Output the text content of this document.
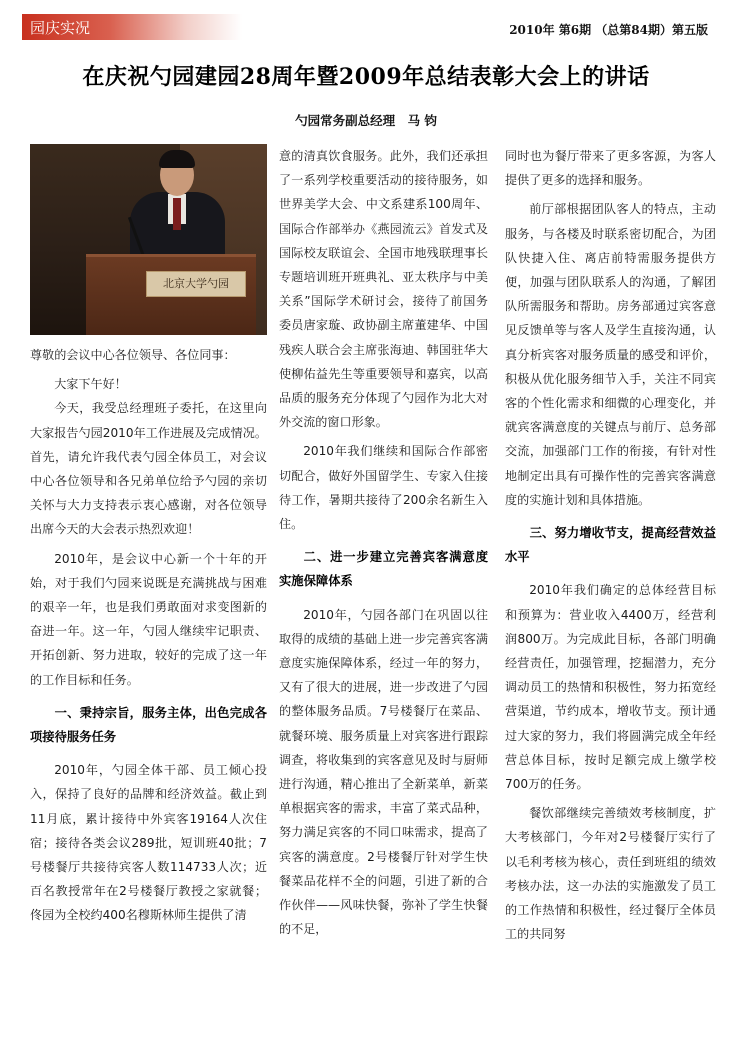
园庆实况	2010年 第6期 （总第84期）第五版
在庆祝勺园建园28周年暨2009年总结表彰大会上的讲话
勺园常务副总经理　马 钧
北京大学勺园

尊敬的会议中心各位领导、各位同事：

大家下午好！

今天，我受总经理班子委托，在这里向大家报告勺园2010年工作进展及完成情况。首先，请允许我代表勺园全体员工，对会议中心各位领导和各兄弟单位给予勺园的亲切关怀与大力支持表示衷心感谢，对各位领导出席今天的大会表示热烈欢迎！

2010年，是会议中心新一个十年的开始，对于我们勺园来说既是充满挑战与困难的艰辛一年，也是我们勇敢面对求变图新的奋进一年。这一年，勺园人继续牢记职责、开拓创新、努力进取，较好的完成了这一年的工作目标和任务。

一、秉持宗旨，服务主体，出色完成各项接待服务任务

2010年，勺园全体干部、员工倾心投入，保持了良好的品牌和经济效益。截止到11月底，累计接待中外宾客19164人次住宿；接待各类会议289批，短训班40批；7号楼餐厅共接待宾客人数114733人次；近百名教授常年在2号楼餐厅教授之家就餐；佟园为全校约400名穆斯林师生提供了清

意的清真饮食服务。此外，我们还承担了一系列学校重要活动的接待服务，如世界美学大会、中文系建系100周年、国际合作部举办《燕园流云》首发式及国际校友联谊会、全国市地残联理事长专题培训班开班典礼、亚太秩序与中美关系”国际学术研讨会，接待了前国务委员唐家璇、政协副主席董建华、中国残疾人联合会主席张海迪、韩国驻华大使柳佑益先生等重要领导和嘉宾，以高品质的服务充分体现了勺园作为北大对外交流的窗口形象。

2010年我们继续和国际合作部密切配合，做好外国留学生、专家入住接待工作，暑期共接待了200余名新生入住。

二、进一步建立完善宾客满意度实施保障体系

2010年，勺园各部门在巩固以往取得的成绩的基础上进一步完善宾客满意度实施保障体系，经过一年的努力，又有了很大的进展，进一步改进了勺园的整体服务品质。7号楼餐厅在菜品、就餐环境、服务质量上对宾客进行跟踪调查，将收集到的宾客意见及时与厨师进行沟通，精心推出了全新菜单，新菜单根据宾客的需求，丰富了菜式品种，努力满足宾客的不同口味需求，提高了宾客的满意度。2号楼餐厅针对学生快餐菜品花样不全的问题，引进了新的合作伙伴——风味快餐，弥补了学生快餐的不足，

同时也为餐厅带来了更多客源，为客人提供了更多的选择和服务。

前厅部根据团队客人的特点，主动服务，与各楼及时联系密切配合，为团队快捷入住、离店前特需服务提供方便，加强与团队联系人的沟通，了解团队所需服务和帮助。房务部通过宾客意见反馈单等与客人及学生直接沟通，认真分析宾客对服务质量的感受和评价，积极从优化服务细节入手，关注不同宾客的个性化需求和细微的心理变化，并就宾客满意度的关键点与前厅、总务部交流，加强部门工作的衔接，有针对性地制定出具有可操作性的完善宾客满意度的实施计划和具体措施。

三、努力增收节支，提高经营效益水平

2010年我们确定的总体经营目标和预算为：营业收入4400万，经营利润800万。为完成此目标，各部门明确经营责任，加强管理，挖掘潜力，充分调动员工的热情和积极性，努力拓宽经营渠道，节约成本，增收节支。预计通过大家的努力，我们将圆满完成全年经营总体目标，按时足额完成上缴学校700万的任务。

餐饮部继续完善绩效考核制度，扩大考核部门，今年对2号楼餐厅实行了以毛利考核为核心，责任到班组的绩效考核办法，这一办法的实施激发了员工的工作热情和积极性，经过餐厅全体员工的共同努
